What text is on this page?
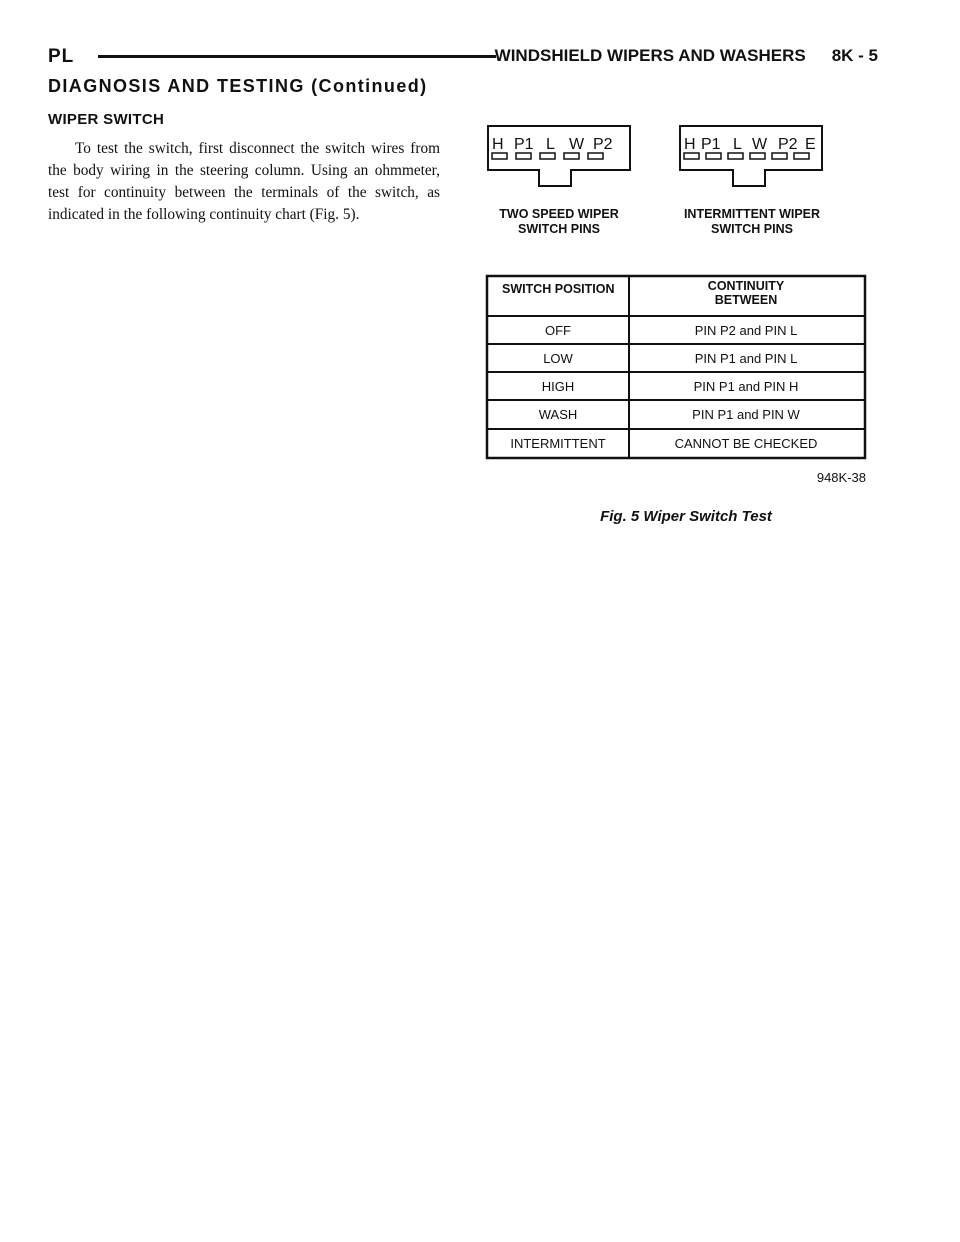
PL	WINDSHIELD WIPERS AND WASHERS 8K - 5
DIAGNOSIS AND TESTING (Continued)
WIPER SWITCH

To test the switch, first disconnect the switch wires from the body wiring in the steering column. Using an ohmmeter, test for continuity between the terminals of the switch, as indicated in the following continuity chart (Fig. 5).

H P1 L W P2
TWO SPEED WIPER
SWITCH PINS
H P1 L W P2 E
INTERMITTENT WIPER
SWITCH PINS
SWITCH POSITION	CONTINUITY
BETWEEN
OFF	PIN P2 and PIN L
LOW	PIN P1 and PIN L
HIGH	PIN P1 and PIN H
WASH	PIN P1 and PIN W
INTERMITTENT	CANNOT BE CHECKED
948K-38
Fig. 5 Wiper Switch Test
